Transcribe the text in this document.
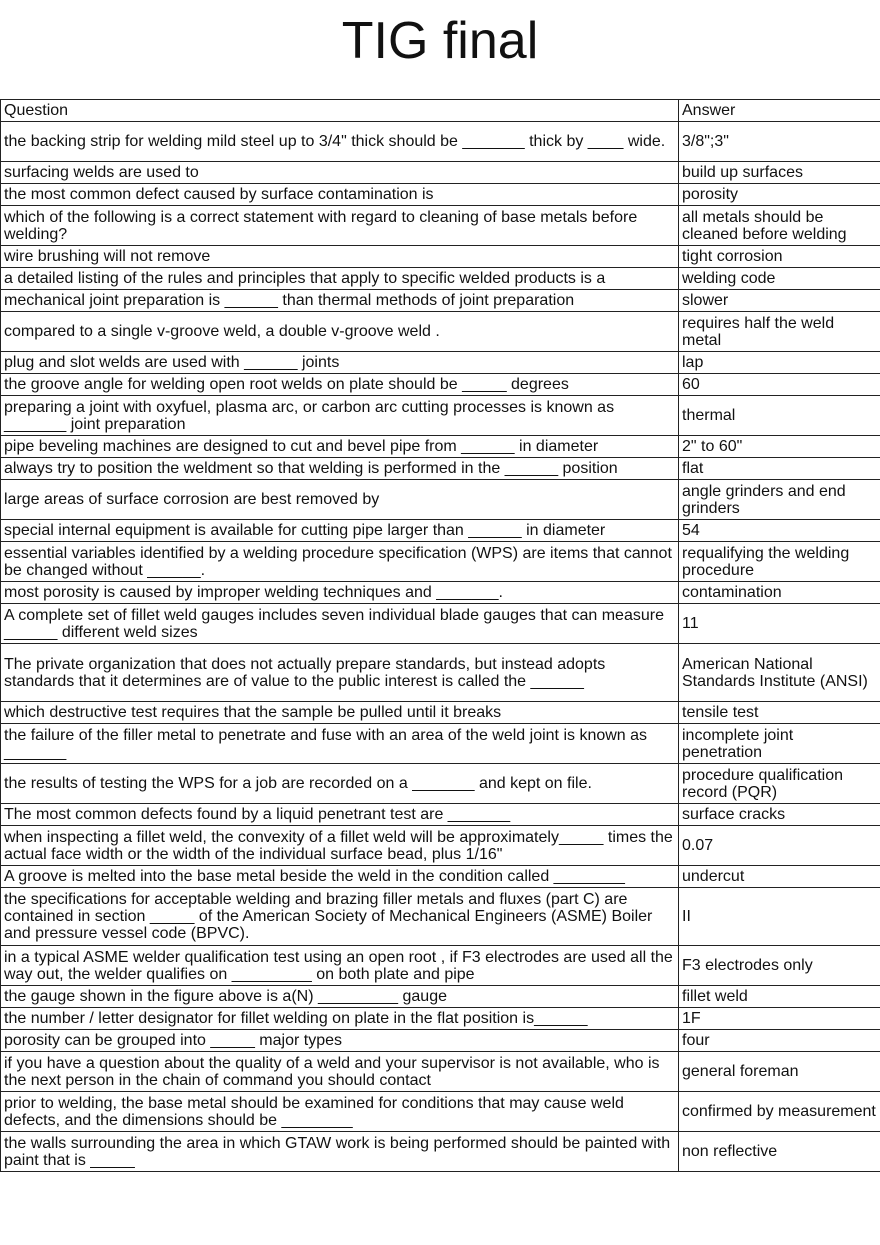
TIG final
Question	Answer
the backing strip for welding mild steel up to 3/4" thick should be _______ thick by ____ wide.	3/8";3"
surfacing welds are used to	build up surfaces
the most common defect caused by surface contamination is	porosity
which of the following is a correct statement with regard to cleaning of base metals before welding?	all metals should be cleaned before welding
wire brushing will not remove	tight corrosion
a detailed listing of the rules and principles that apply to specific welded products is a	welding code
mechanical joint preparation is ______ than thermal methods of joint preparation	slower
compared to a single v-groove weld, a double v-groove weld .	requires half the weld metal
plug and slot welds are used with ______ joints	lap
the groove angle for welding open root welds on plate should be _____ degrees	60
preparing a joint with oxyfuel, plasma arc, or carbon arc cutting processes is known as _______ joint preparation	thermal
pipe beveling machines are designed to cut and bevel pipe from ______ in diameter	2" to 60"
always try to position the weldment so that welding is performed in the ______ position	flat
large areas of surface corrosion are best removed by	angle grinders and end grinders
special internal equipment is available for cutting pipe larger than ______ in diameter	54
essential variables identified by a welding procedure specification (WPS) are items that cannot be changed without ______.	requalifying the welding procedure
most porosity is caused by improper welding techniques and _______.	contamination
A complete set of fillet weld gauges includes seven individual blade gauges that can measure ______ different weld sizes	11
The private organization that does not actually prepare standards, but instead adopts standards that it determines are of value to the public interest is called the ______	American National Standards Institute (ANSI)
which destructive test requires that the sample be pulled until it breaks	tensile test
the failure of the filler metal to penetrate and fuse with an area of the weld joint is known as _______	incomplete joint penetration
the results of testing the WPS for a job are recorded on a _______ and kept on file.	procedure qualification record (PQR)
The most common defects found by a liquid penetrant test are _______	surface cracks
when inspecting a fillet weld, the convexity of a fillet weld will be approximately_____ times the actual face width or the width of the individual surface bead, plus 1/16"	0.07
A groove is melted into the base metal beside the weld in the condition called ________	undercut
the specifications for acceptable welding and brazing filler metals and fluxes (part C) are contained in section _____ of the American Society of Mechanical Engineers (ASME) Boiler and pressure vessel code (BPVC).	II
in a typical ASME welder qualification test using an open root , if F3 electrodes are used all the way out, the welder qualifies on _________ on both plate and pipe	F3 electrodes only
the gauge shown in the figure above is a(N) _________ gauge	fillet weld
the number / letter designator for fillet welding on plate in the flat position is______	1F
porosity can be grouped into _____ major types	four
if you have a question about the quality of a weld and your supervisor is not available, who is the next person in the chain of command you should contact	general foreman
prior to welding, the base metal should be examined for conditions that may cause weld defects, and the dimensions should be ________	confirmed by measurement
the walls surrounding the area in which GTAW work is being performed should be painted with paint that is _____	non reflective
